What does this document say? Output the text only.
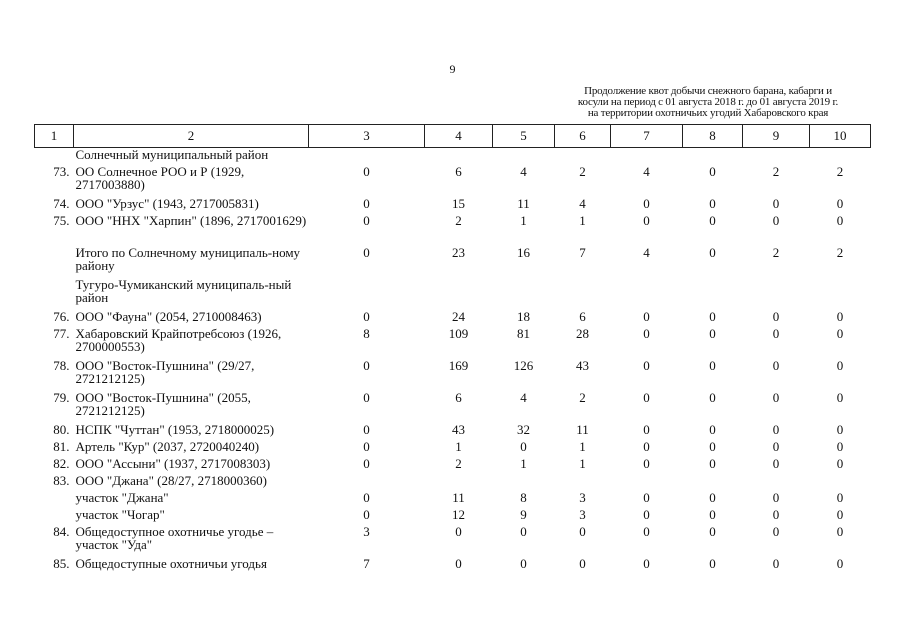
9
Продолжение квот добычи снежного барана, кабарги и
косули на период с 01 августа 2018 г. до 01 августа 2019 г.
на территории охотничьих угодий Хабаровского края
1	2	3	4	5	6	7	8	9	10
	Солнечный муниципальный район								
73.	ОО Солнечное РОО и Р (1929, 2717003880)	0	6	4	2	4	0	2	2
74.	ООО "Урзус" (1943, 2717005831)	0	15	11	4	0	0	0	0
75.	ООО "ННХ "Харпин" (1896, 2717001629)	0	2	1	1	0	0	0	0
	Итого по Солнечному муниципаль-ному району	0	23	16	7	4	0	2	2
	Тугуро-Чумиканский муниципаль-ный район								
76.	ООО "Фауна" (2054, 2710008463)	0	24	18	6	0	0	0	0
77.	Хабаровский Крайпотребсоюз (1926, 2700000553)	8	109	81	28	0	0	0	0
78.	ООО "Восток-Пушнина" (29/27, 2721212125)	0	169	126	43	0	0	0	0
79.	ООО "Восток-Пушнина" (2055, 2721212125)	0	6	4	2	0	0	0	0
80.	НСПК "Чуттан" (1953, 2718000025)	0	43	32	11	0	0	0	0
81.	Артель "Кур" (2037, 2720040240)	0	1	0	1	0	0	0	0
82.	ООО "Ассыни" (1937, 2717008303)	0	2	1	1	0	0	0	0
83.	ООО "Джана" (28/27, 2718000360)								
	участок "Джана"	0	11	8	3	0	0	0	0
	участок "Чогар"	0	12	9	3	0	0	0	0
84.	Общедоступное охотничье угодье – участок "Уда"	3	0	0	0	0	0	0	0
85.	Общедоступные охотничьи угодья	7	0	0	0	0	0	0	0
